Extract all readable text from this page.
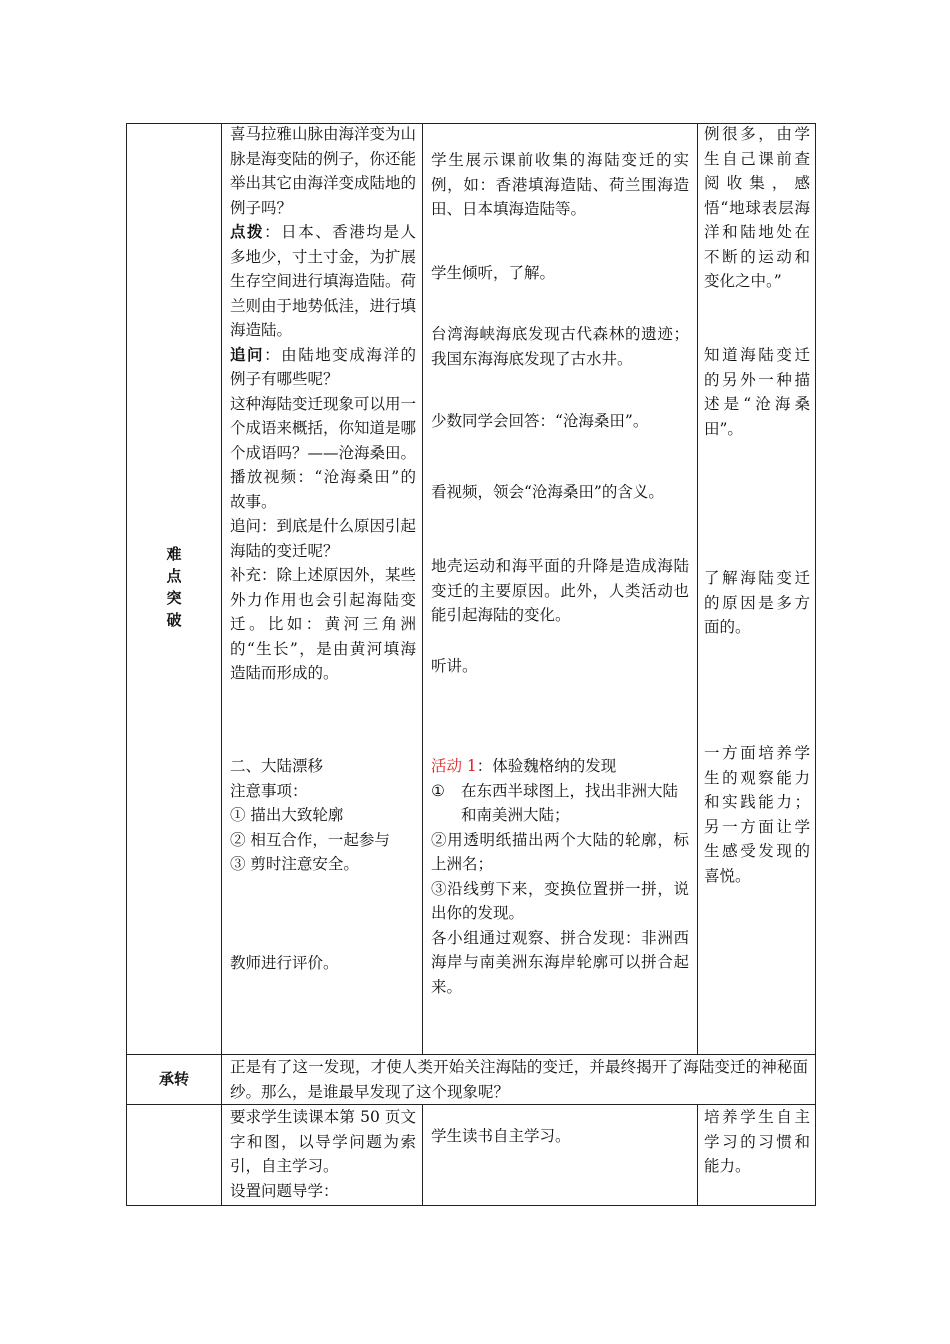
难
点
突
破

喜马拉雅山脉由海洋变为山脉是海变陆的例子，你还能举出其它由海洋变成陆地的例子吗？

点拨：日本、香港均是人多地少，寸土寸金，为扩展生存空间进行填海造陆。荷兰则由于地势低洼，进行填海造陆。

追问：由陆地变成海洋的例子有哪些呢？

这种海陆变迁现象可以用一个成语来概括，你知道是哪个成语吗？——沧海桑田。

播放视频：“沧海桑田”的故事。

追问：到底是什么原因引起海陆的变迁呢？

补充：除上述原因外，某些外力作用也会引起海陆变迁。比如：黄河三角洲的“生长”，是由黄河填海造陆而形成的。

二、大陆漂移

注意事项：

① 描出大致轮廓

② 相互合作，一起参与

③ 剪时注意安全。

教师进行评价。

学生展示课前收集的海陆变迁的实例，如：香港填海造陆、荷兰围海造田、日本填海造陆等。

学生倾听，了解。

台湾海峡海底发现古代森林的遗迹；我国东海海底发现了古水井。

少数同学会回答：“沧海桑田”。

看视频，领会“沧海桑田”的含义。

地壳运动和海平面的升降是造成海陆变迁的主要原因。此外，人类活动也能引起海陆的变化。

听讲。

活动 1：体验魏格纳的发现

①	在东西半球图上，找出非洲大陆和南美洲大陆；

②用透明纸描出两个大陆的轮廓，标上洲名；

③沿线剪下来，变换位置拼一拼，说出你的发现。

各小组通过观察、拼合发现：非洲西海岸与南美洲东海岸轮廓可以拼合起来。

例很多，由学生自己课前查阅收集，感悟“地球表层海洋和陆地处在不断的运动和变化之中。”

知道海陆变迁的另外一种描述是“沧海桑田”。

了解海陆变迁的原因是多方面的。

一方面培养学生的观察能力和实践能力；另一方面让学生感受发现的喜悦。

承转

正是有了这一发现，才使人类开始关注海陆的变迁，并最终揭开了海陆变迁的神秘面纱。那么，是谁最早发现了这个现象呢？

要求学生读课本第 50 页文字和图，以导学问题为索引，自主学习。

设置问题导学：

学生读书自主学习。

培养学生自主学习的习惯和能力。
